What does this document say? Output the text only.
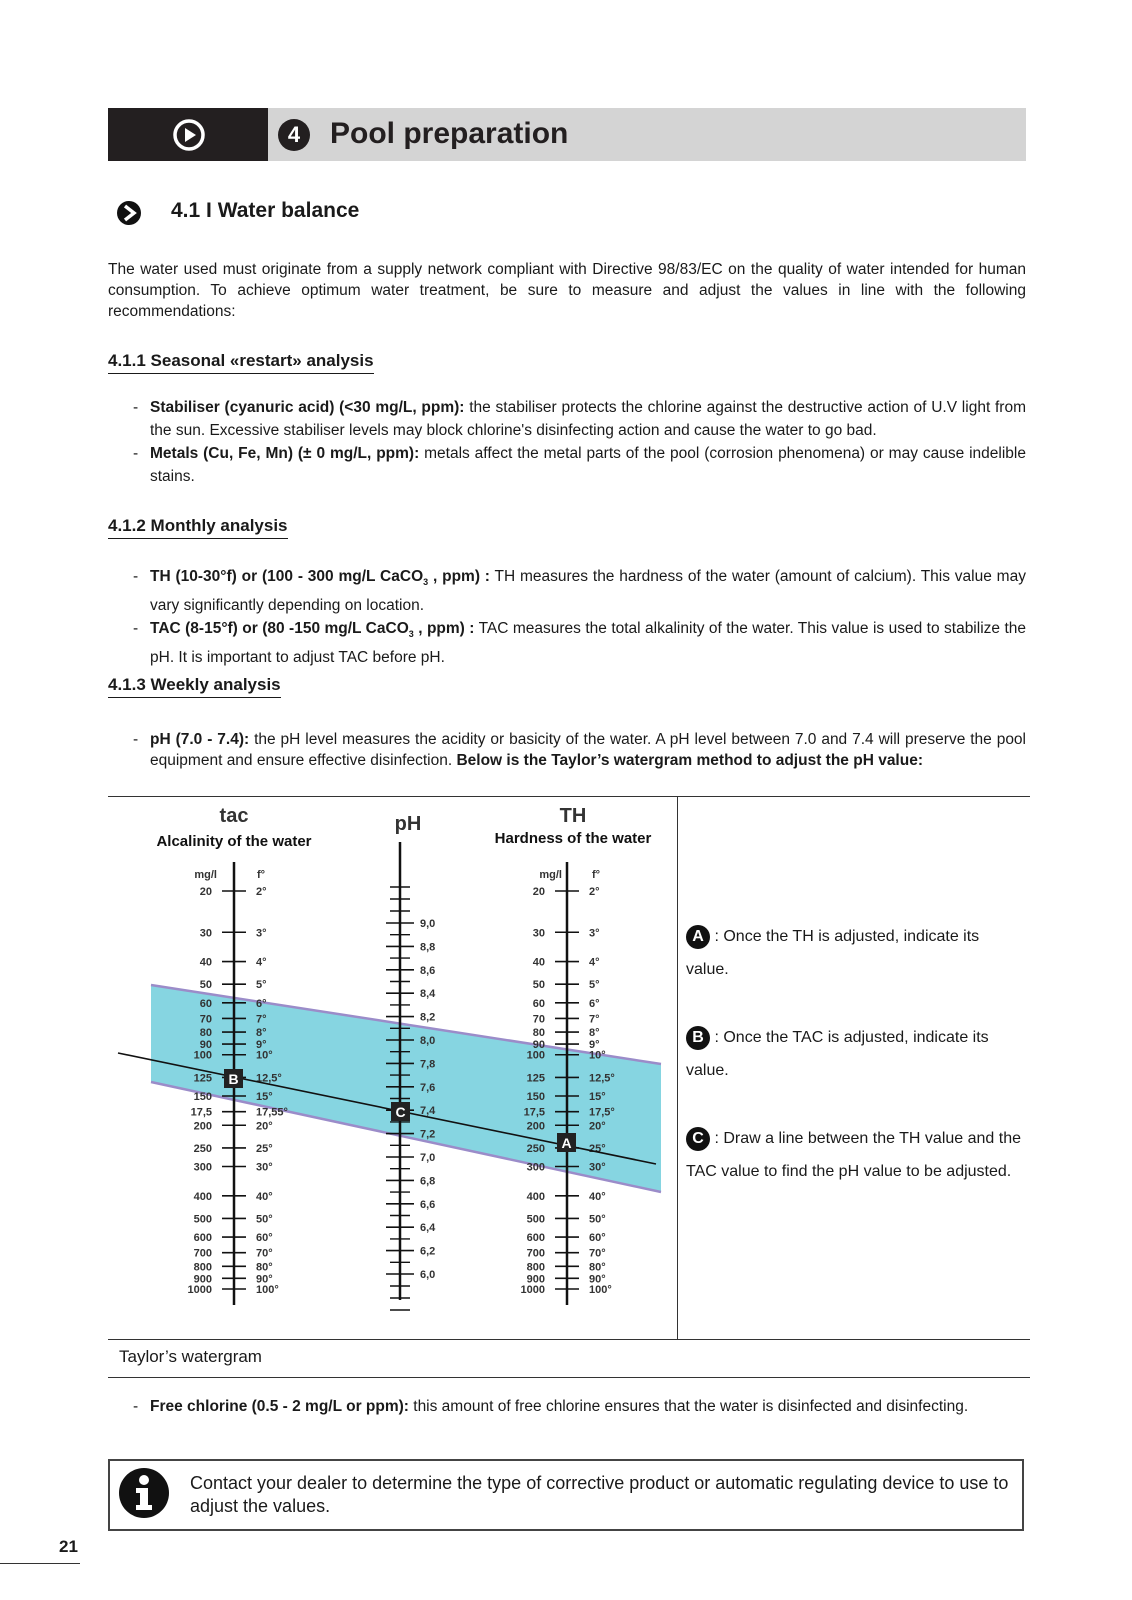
4 Pool preparation
4.1 I Water balance
The water used must originate from a supply network compliant with Directive 98/83/EC on the quality of water intended for human consumption. To achieve optimum water treatment, be sure to measure and adjust the values in line with the following recommendations:
4.1.1 Seasonal «restart» analysis
- Stabiliser (cyanuric acid) (<30 mg/L, ppm): the stabiliser protects the chlorine against the destructive action of U.V light from the sun. Excessive stabiliser levels may block chlorine's disinfecting action and cause the water to go bad.
- Metals (Cu, Fe, Mn) (± 0 mg/L, ppm): metals affect the metal parts of the pool (corrosion phenomena) or may cause indelible stains.
4.1.2 Monthly analysis
- TH (10-30°f) or (100 - 300 mg/L CaCO$_3$ , ppm) : TH measures the hardness of the water (amount of calcium). This value may vary significantly depending on location.
- TAC (8-15°f) or (80 -150 mg/L CaCO$_3$ , ppm) : TAC measures the total alkalinity of the water. This value is used to stabilize the pH. It is important to adjust TAC before pH.
4.1.3 Weekly analysis
- pH (7.0 - 7.4): the pH level measures the acidity or basicity of the water. A pH level between 7.0 and 7.4 will preserve the pool equipment and ensure effective disinfection. Below is the Taylor’s watergram method to adjust the pH value:
tac
Alcalinity of the water
pH	TH
Hardness of the water
mg/l	f°	mg/l	f°
20	2°
30	3°
40	4°
50	5°
60	6°
70	7°
80	8°
90	9°
100	10°
125	12,5°
150	15°
17,5	17,55°
200	20°
250	25°
300	30°
400	40°
500	50°
600	60°
700	70°
800	80°
900	90°
1000	100°
20	2°
30	3°
40	4°
50	5°
60	6°
70	7°
80	8°
90	9°
100	10°
125	12,5°
150	15°
17,5	17,5°
200	20°
250	25°
300	30°
400	40°
500	50°
600	60°
700	70°
800	80°
900	90°
1000	100°
9,0
8,8
8,6
8,4
8,2
8,0
7,8
7,6
7,4
7,2
7,0
6,8
6,6
6,4
6,2
6,0
B
C
A
Taylor’s watergram
A : Once the TH is adjusted, indicate its value.
B : Once the TAC is adjusted, indicate its value.
C : Draw a line between the TH value and the TAC value to find the pH value to be adjusted.
- Free chlorine (0.5 - 2 mg/L or ppm): this amount of free chlorine ensures that the water is disinfected and disinfecting.
Contact your dealer to determine the type of corrective product or automatic regulating device to use to adjust the values.
21
